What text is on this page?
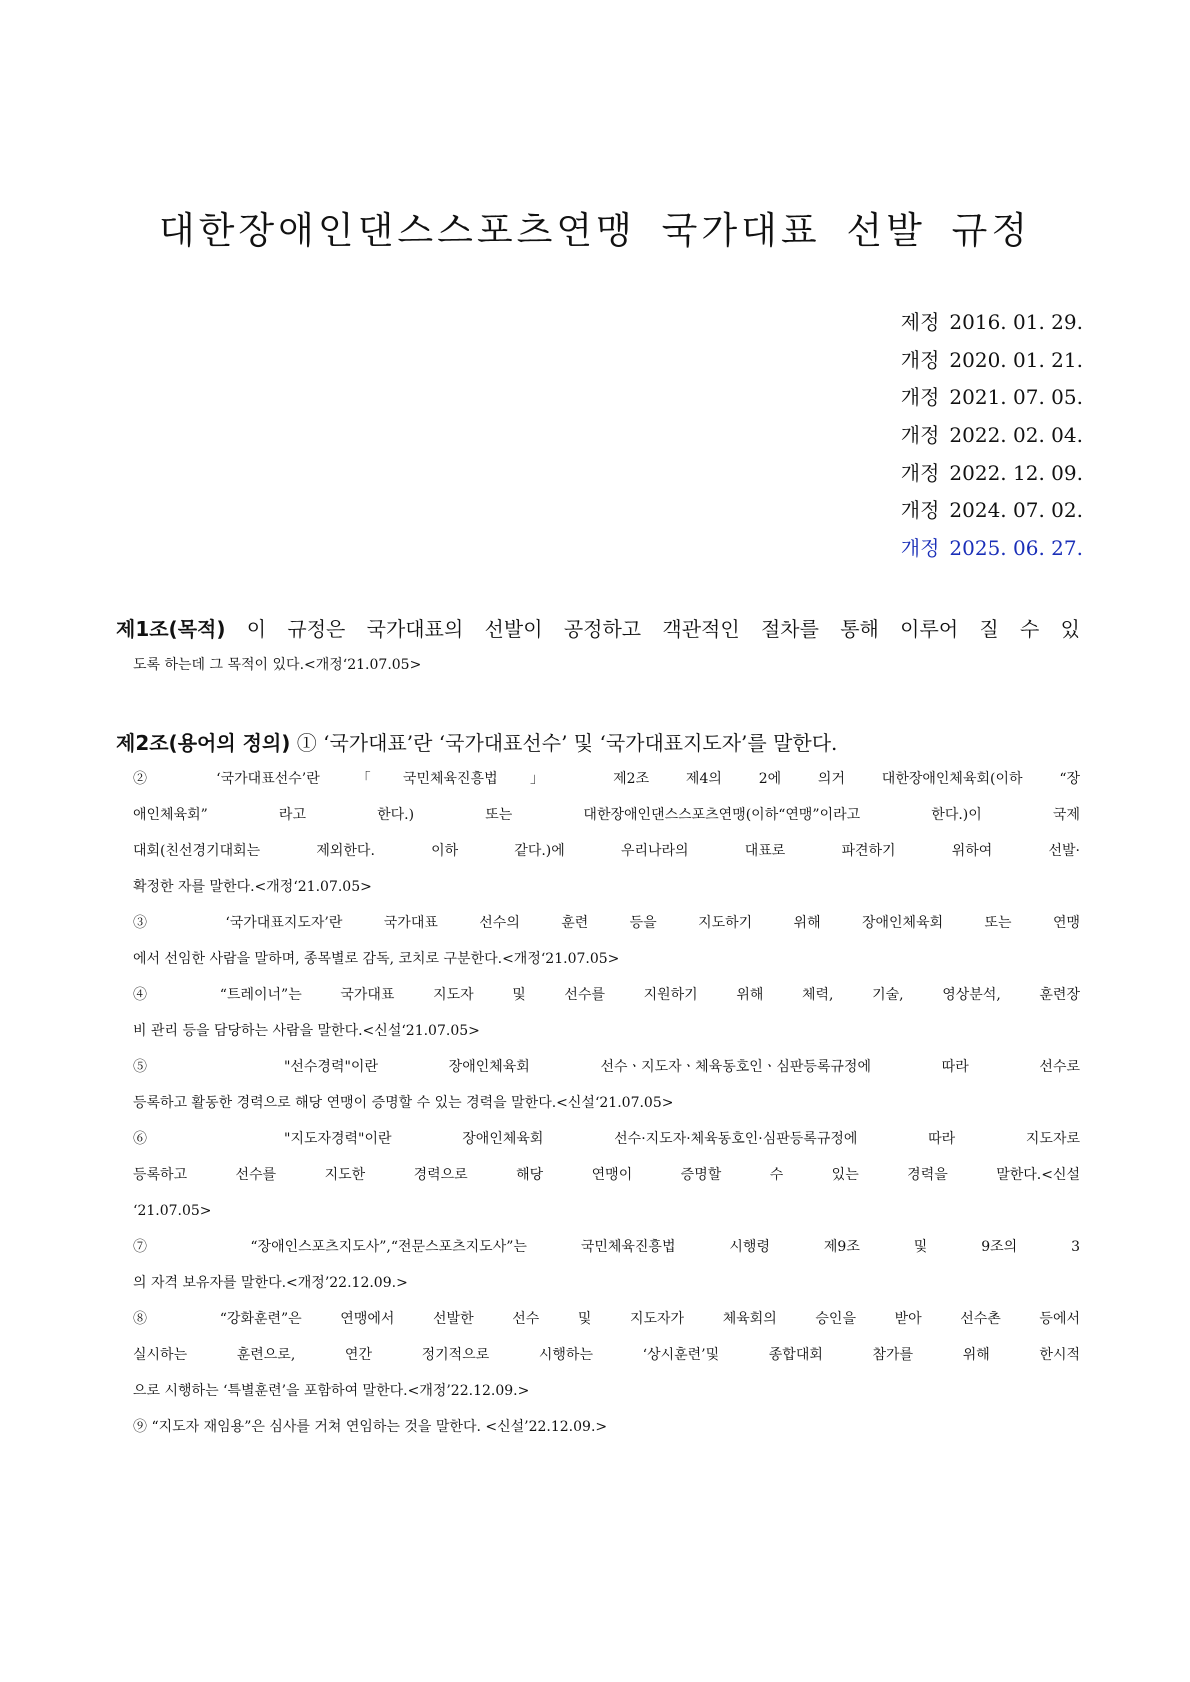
대한장애인댄스스포츠연맹 국가대표 선발 규정
제정 2016. 01. 29.
개정 2020. 01. 21.
개정 2021. 07. 05.
개정 2022. 02. 04.
개정 2022. 12. 09.
개정 2024. 07. 02.
개정 2025. 06. 27.
제1조(목적) 이 규정은 국가대표의 선발이 공정하고 객관적인 절차를 통해 이루어 질 수 있
도록 하는데 그 목적이 있다.<개정‘21.07.05>
제2조(용어의 정의) ① ‘국가대표’란 ‘국가대표선수’ 및 ‘국가대표지도자’를 말한다.
② ‘국가대표선수’란 「국민체육진흥법」 제2조 제4의 2에 의거 대한장애인체육회(이하 “장
애인체육회” 라고 한다.) 또는 대한장애인댄스스포츠연맹(이하“연맹”이라고 한다.)이 국제
대회(친선경기대회는 제외한다. 이하 같다.)에 우리나라의 대표로 파견하기 위하여 선발·
확정한 자를 말한다.<개정‘21.07.05>
③ ‘국가대표지도자’란 국가대표 선수의 훈련 등을 지도하기 위해 장애인체육회 또는 연맹
에서 선임한 사람을 말하며, 종목별로 감독, 코치로 구분한다.<개정‘21.07.05>
④ “트레이너”는 국가대표 지도자 및 선수를 지원하기 위해 체력, 기술, 영상분석, 훈련장
비 관리 등을 담당하는 사람을 말한다.<신설‘21.07.05>
⑤ "선수경력"이란 장애인체육회 선수ㆍ지도자ㆍ체육동호인ㆍ심판등록규정에 따라 선수로
등록하고 활동한 경력으로 해당 연맹이 증명할 수 있는 경력을 말한다.<신설‘21.07.05>
⑥ "지도자경력"이란 장애인체육회 선수·지도자·체육동호인·심판등록규정에 따라 지도자로
등록하고 선수를 지도한 경력으로 해당 연맹이 증명할 수 있는 경력을 말한다.<신설
‘21.07.05>
⑦ “장애인스포츠지도사”,“전문스포츠지도사”는 국민체육진흥법 시행령 제9조 및 9조의 3
의 자격 보유자를 말한다.<개정’22.12.09.>
⑧ “강화훈련”은 연맹에서 선발한 선수 및 지도자가 체육회의 승인을 받아 선수촌 등에서
실시하는 훈련으로, 연간 정기적으로 시행하는 ‘상시훈련’및 종합대회 참가를 위해 한시적
으로 시행하는 ‘특별훈련’을 포함하여 말한다.<개정’22.12.09.>
⑨ “지도자 재임용”은 심사를 거쳐 연임하는 것을 말한다. <신설’22.12.09.>
